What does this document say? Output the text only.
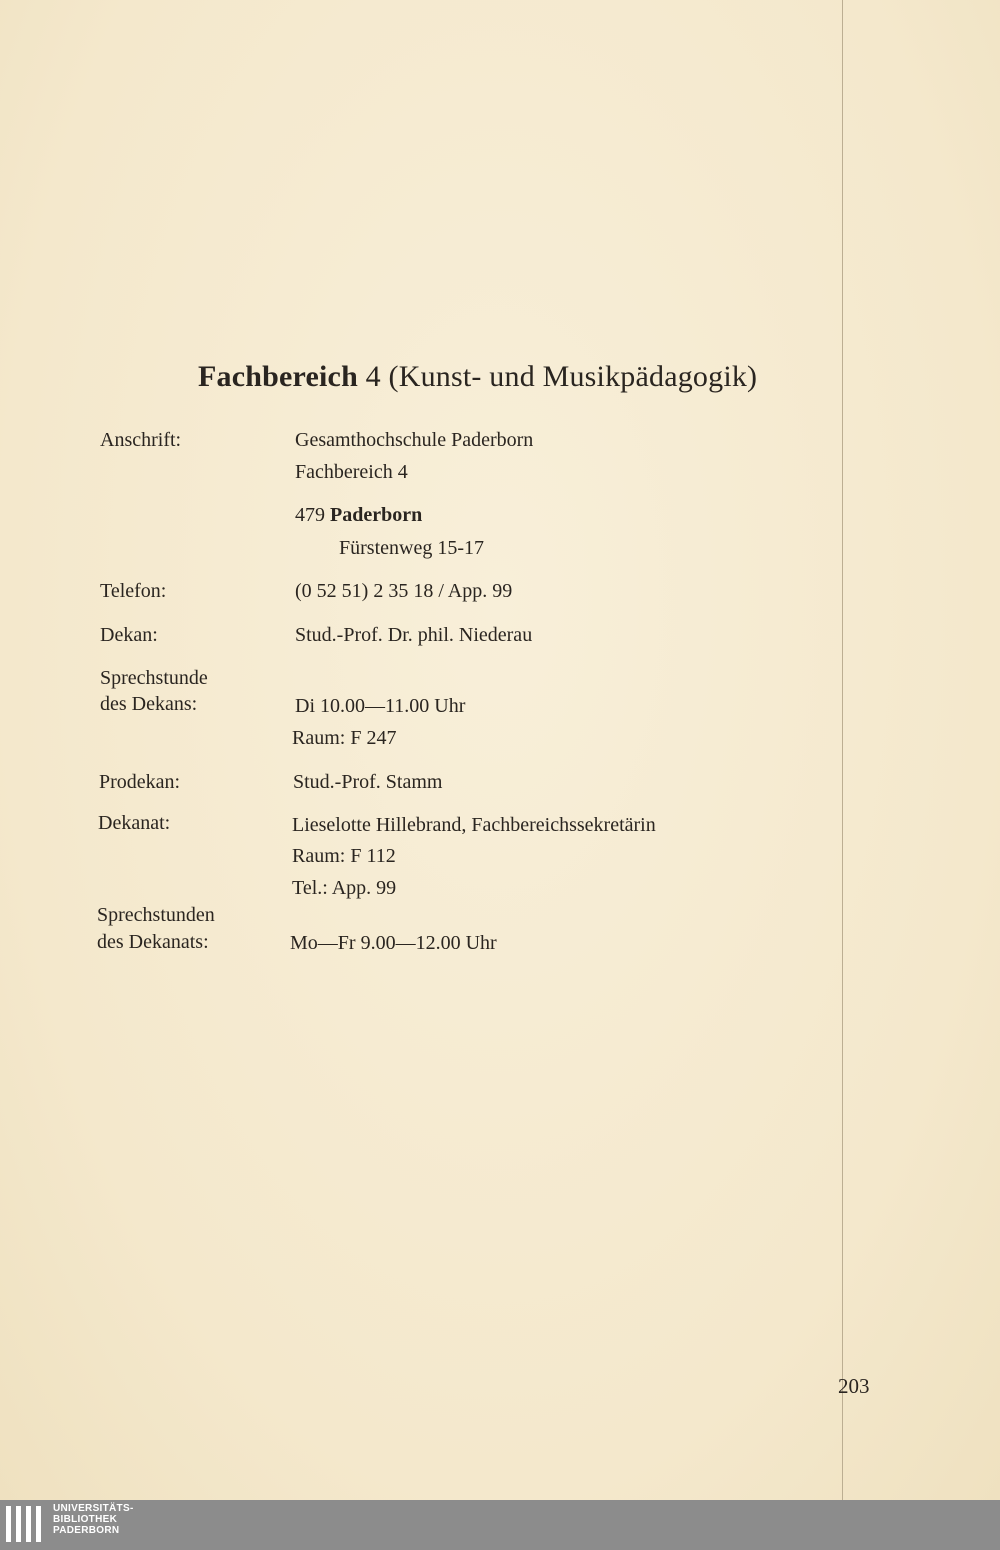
Fachbereich 4 (Kunst- und Musikpädagogik)
Anschrift:	Gesamthochschule Paderborn
Fachbereich 4
479 Paderborn
Fürstenweg 15-17
Telefon:	(0 52 51) 2 35 18 / App. 99
Dekan:	Stud.-Prof. Dr. phil. Niederau
Sprechstunde
des Dekans:	Di 10.00—11.00 Uhr
Raum: F 247
Prodekan:	Stud.-Prof. Stamm
Dekanat:	Lieselotte Hillebrand, Fachbereichssekretärin
Raum: F 112
Tel.: App. 99
Sprechstunden
des Dekanats:	Mo—Fr 9.00—12.00 Uhr
203
UNIVERSITÄTS-
BIBLIOTHEK
PADERBORN
